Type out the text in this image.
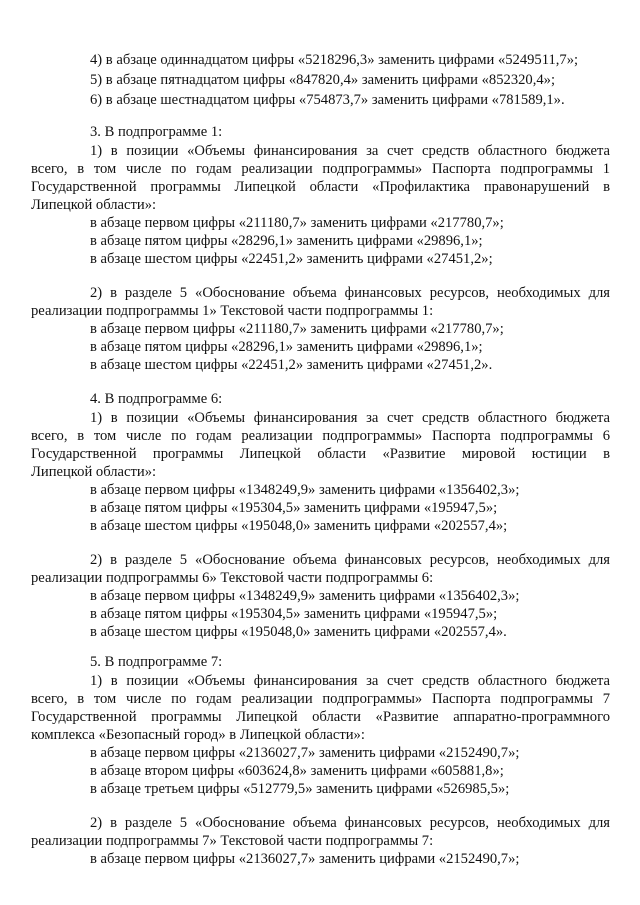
4) в абзаце одиннадцатом цифры «5218296,3» заменить цифрами «5249511,7»;
5) в абзаце пятнадцатом цифры «847820,4» заменить цифрами «852320,4»;
6) в абзаце шестнадцатом цифры «754873,7» заменить цифрами «781589,1».
3. В подпрограмме 1:
1) в позиции «Объемы финансирования за счет средств областного бюджета
всего, в том числе по годам реализации подпрограммы» Паспорта подпрограммы 1
Государственной программы Липецкой области «Профилактика правонарушений в
Липецкой области»:
в абзаце первом цифры «211180,7» заменить цифрами «217780,7»;
в абзаце пятом цифры «28296,1» заменить цифрами «29896,1»;
в абзаце шестом цифры «22451,2» заменить цифрами «27451,2»;
2) в разделе 5 «Обоснование объема финансовых ресурсов, необходимых для
реализации подпрограммы 1» Текстовой части подпрограммы 1:
в абзаце первом цифры «211180,7» заменить цифрами «217780,7»;
в абзаце пятом цифры «28296,1» заменить цифрами «29896,1»;
в абзаце шестом цифры «22451,2» заменить цифрами «27451,2».
4. В подпрограмме 6:
1) в позиции «Объемы финансирования за счет средств областного бюджета
всего, в том числе по годам реализации подпрограммы» Паспорта подпрограммы 6
Государственной программы Липецкой области «Развитие мировой юстиции в
Липецкой области»:
в абзаце первом цифры «1348249,9» заменить цифрами «1356402,3»;
в абзаце пятом цифры «195304,5» заменить цифрами «195947,5»;
в абзаце шестом цифры «195048,0» заменить цифрами «202557,4»;
2) в разделе 5 «Обоснование объема финансовых ресурсов, необходимых для
реализации подпрограммы 6» Текстовой части подпрограммы 6:
в абзаце первом цифры «1348249,9» заменить цифрами «1356402,3»;
в абзаце пятом цифры «195304,5» заменить цифрами «195947,5»;
в абзаце шестом цифры «195048,0» заменить цифрами «202557,4».
5. В подпрограмме 7:
1) в позиции «Объемы финансирования за счет средств областного бюджета
всего, в том числе по годам реализации подпрограммы» Паспорта подпрограммы 7
Государственной программы Липецкой области «Развитие аппаратно-программного
комплекса «Безопасный город» в Липецкой области»:
в абзаце первом цифры «2136027,7» заменить цифрами «2152490,7»;
в абзаце втором цифры «603624,8» заменить цифрами «605881,8»;
в абзаце третьем цифры «512779,5» заменить цифрами «526985,5»;
2) в разделе 5 «Обоснование объема финансовых ресурсов, необходимых для
реализации подпрограммы 7» Текстовой части подпрограммы 7:
в абзаце первом цифры «2136027,7» заменить цифрами «2152490,7»;
